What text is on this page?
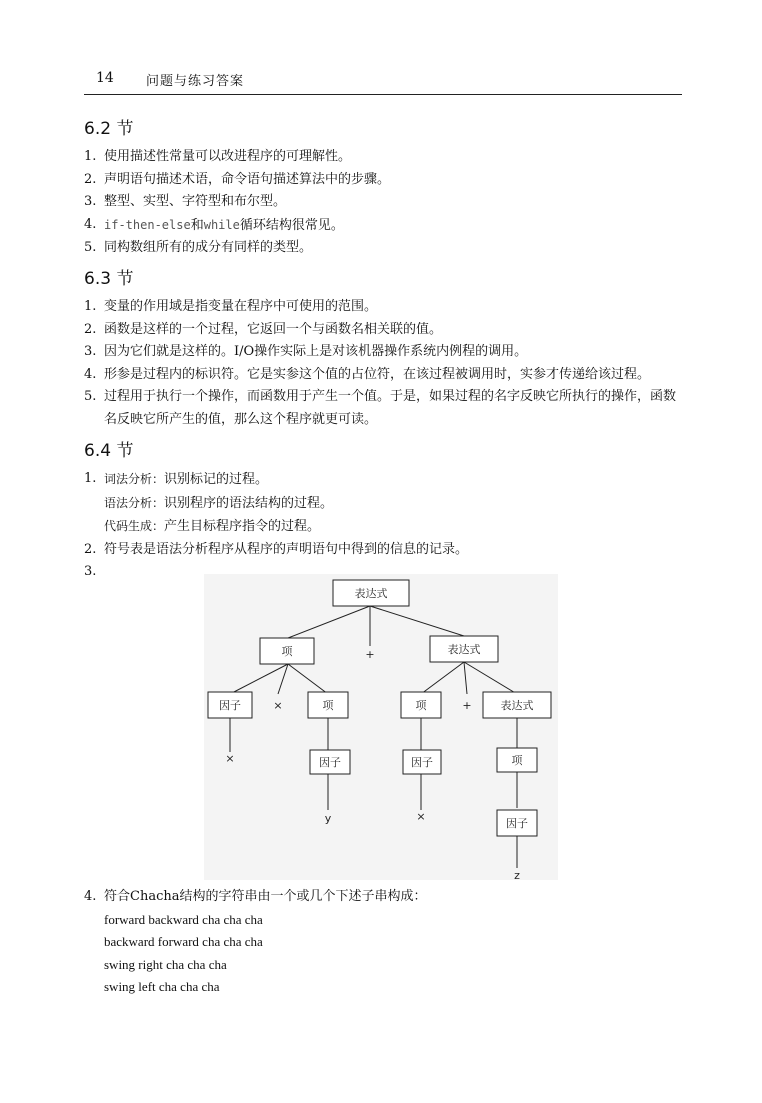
14 问题与练习答案
6.2 节
1. 使用描述性常量可以改进程序的可理解性。
2. 声明语句描述术语，命令语句描述算法中的步骤。
3. 整型、实型、字符型和布尔型。
4. if-then-else和while循环结构很常见。
5. 同构数组所有的成分有同样的类型。
6.3 节
1. 变量的作用域是指变量在程序中可使用的范围。
2. 函数是这样的一个过程，它返回一个与函数名相关联的值。
3. 因为它们就是这样的。I/O操作实际上是对该机器操作系统内例程的调用。
4. 形参是过程内的标识符。它是实参这个值的占位符，在该过程被调用时，实参才传递给该过程。
5. 过程用于执行一个操作，而函数用于产生一个值。于是，如果过程的名字反映它所执行的操作，函数名反映它所产生的值，那么这个程序就更可读。
6.4 节
1. 词法分析：识别标记的过程。
语法分析：识别程序的语法结构的过程。
代码生成：产生目标程序指令的过程。
2. 符号表是语法分析程序从程序的声明语句中得到的信息的记录。
3.
表达式
项	+	表达式
因子	×	项	项	+	表达式
×	因子	因子	项
y	×
因子
z
4. 符合Chacha结构的字符串由一个或几个下述子串构成：
forward backward cha cha cha
backward forward cha cha cha
swing right cha cha cha
swing left cha cha cha
